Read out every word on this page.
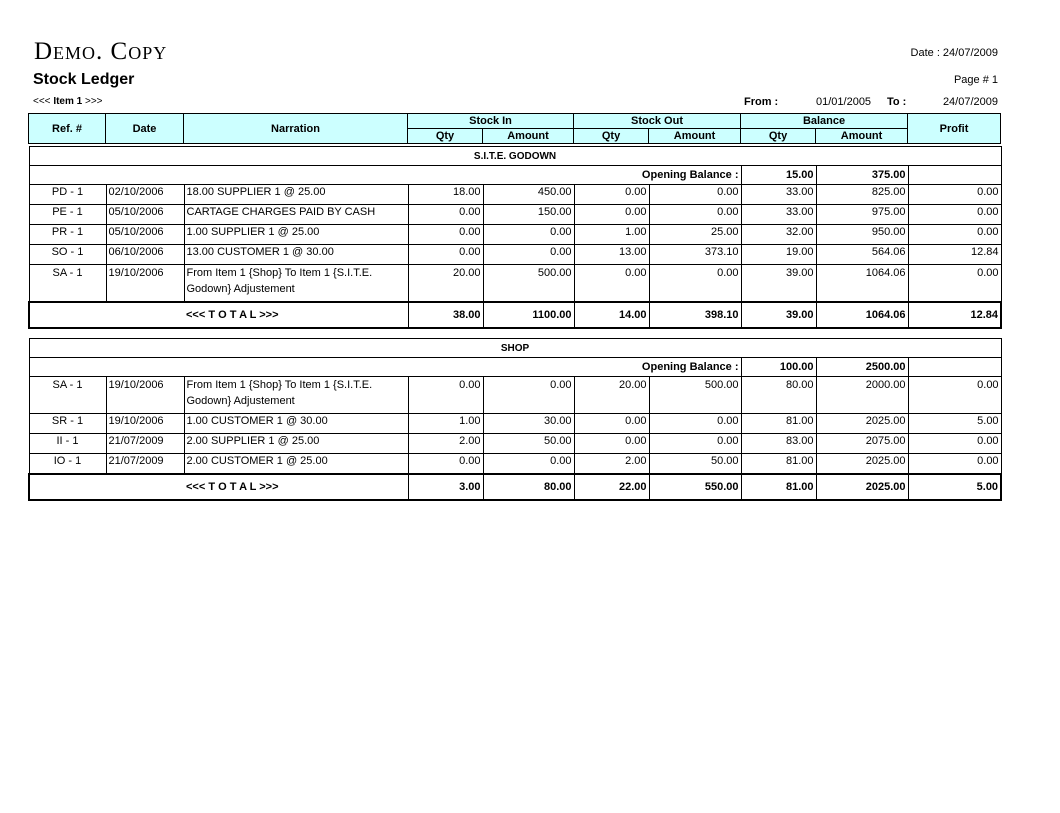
Demo. Copy
Stock Ledger
Date : 24/07/2009
Page # 1
<<< Item 1 >>>	From :	01/01/2005 To :	24/07/2009
Ref. #	Date	Narration	Stock In		Stock Out		Balance		Profit
			Qty	Amount	Qty	Amount	Qty	Amount	
S.I.T.E. GODOWN									
Opening Balance :							15.00	375.00	
PD - 1	02/10/2006	18.00 SUPPLIER 1 @ 25.00	18.00	450.00	0.00	0.00	33.00	825.00	0.00
PE - 1	05/10/2006	CARTAGE CHARGES PAID BY CASH	0.00	150.00	0.00	0.00	33.00	975.00	0.00
PR - 1	05/10/2006	1.00 SUPPLIER 1 @ 25.00	0.00	0.00	1.00	25.00	32.00	950.00	0.00
SO - 1	06/10/2006	13.00 CUSTOMER 1 @ 30.00	0.00	0.00	13.00	373.10	19.00	564.06	12.84
SA - 1	19/10/2006	From Item 1 {Shop} To Item 1 {S.I.T.E. Godown} Adjustement	20.00	500.00	0.00	0.00	39.00	1064.06	0.00
<<< T O T A L >>>			38.00	1100.00	14.00	398.10	39.00	1064.06	12.84
SHOP									
Opening Balance :							100.00	2500.00	
SA - 1	19/10/2006	From Item 1 {Shop} To Item 1 {S.I.T.E. Godown} Adjustement	0.00	0.00	20.00	500.00	80.00	2000.00	0.00
SR - 1	19/10/2006	1.00 CUSTOMER 1 @ 30.00	1.00	30.00	0.00	0.00	81.00	2025.00	5.00
II - 1	21/07/2009	2.00 SUPPLIER 1 @ 25.00	2.00	50.00	0.00	0.00	83.00	2075.00	0.00
IO - 1	21/07/2009	2.00 CUSTOMER 1 @ 25.00	0.00	0.00	2.00	50.00	81.00	2025.00	0.00
<<< T O T A L >>>			3.00	80.00	22.00	550.00	81.00	2025.00	5.00
